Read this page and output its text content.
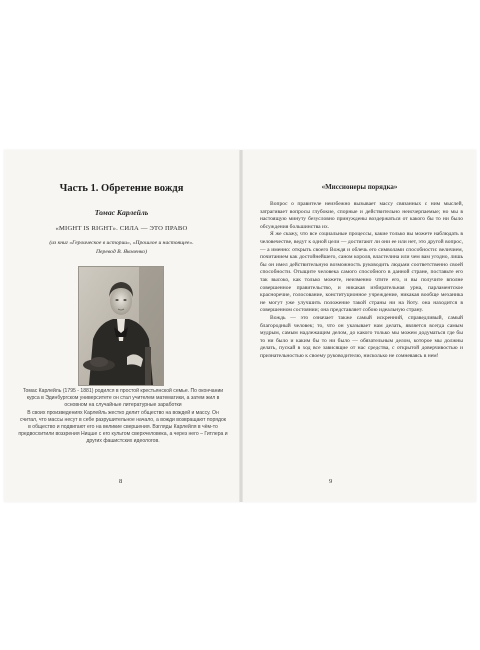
Часть 1. Обретение вождя
Томас Карлейль
«MIGHT IS RIGHT». СИЛА — ЭТО ПРАВО
(из книг «Героическое в истории», «Прошлое и настоящее».
Перевод В. Яковенко)

Томас Карлейль (1795 - 1881) родился в простой крестьянской семье. По окончании курса в Эдинбургском университете он стал учителем математики, а затем жил в основном на случайные литературные заработки

В своих произведениях Карлейль жестко делит общество на вождей и массу. Он считал, что массы несут в себе разрушительное начало, а вожди возвращают порядок в общество и подвигают его на великие свершения. Взгляды Карлейля в чём-то предвосхитили воззрения Ницше с его культом сверхчеловека, а через него – Гитлера и других фашистских идеологов.

8
«Миссионеры порядка»

Вопрос о правителе неизбежно вызывает массу связанных с ним мыслей, затрагивает вопросы глубокие, спорные и действительно неисчерпаемые; но мы в настоящую минуту безусловно принуждены воздержаться от какого бы то ни было обсуждения большинства их.

Я же скажу, что все социальные процессы, какие только вы можете наблюдать в человечестве, ведут к одной цели — достигают ли они ее или нет, это другой вопрос, — а именно: открыть своего Вождя и облечь его символами способности: величием, почитанием как достойнейшего, саном короля, властелина или чем вам угодно, лишь бы он имел действительную возможность руководить людьми соответственно своей способности. Отыщите человека самого способного в данной стране, поставьте его так высоко, как только можете, неизменно чтите его, и вы получите вполне совершенное правительство, и никакая избирательная урна, парламентское красноречие, голосование, конституционное учреждение, никакая вообще механика не могут уже улучшить положение такой страны ни на йоту. она находится в совершенном состоянии; она представляет собою идеальную страну.

Вождь — это означает также самый искренний, справедливый, самый благородный человек; то, что он указывает нам делать, является всегда самым мудрым, самым надлежащим делом, до какого только мы можем додуматься где бы то ни было и каким бы то ни было — обязательным делом, которое мы должны делать, пускай в ход все зависящие от нас средства, с открытой доверчивостью и признательностью к своему руководителю, нисколько не сомневаясь в нем!

9
